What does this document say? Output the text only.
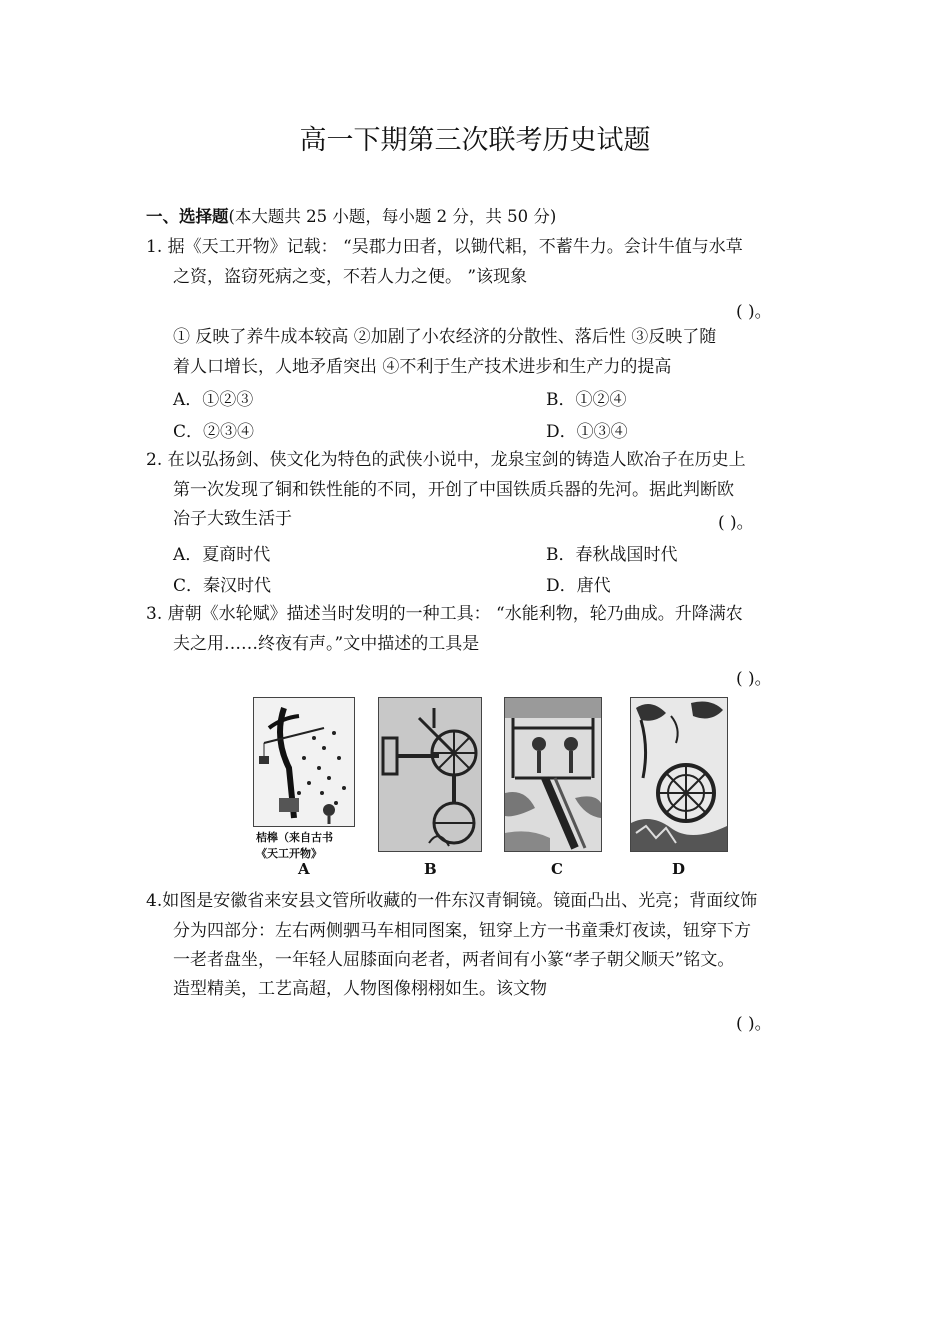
高一下期第三次联考历史试题
一、选择题(本大题共 25 小题，每小题 2 分，共 50 分)
1. 据《天工开物》记载： “吴郡力田者，以锄代耜，不蓄牛力。会计牛值与水草
之资，盗窃死病之变，不若人力之便。 ”该现象
( )。
① 反映了养牛成本较高 ②加剧了小农经济的分散性、落后性 ③反映了随
着人口增长，人地矛盾突出 ④不利于生产技术进步和生产力的提高
A．①②③	B．①②④
C．②③④	D．①③④
2. 在以弘扬剑、侠文化为特色的武侠小说中，龙泉宝剑的铸造人欧冶子在历史上
第一次发现了铜和铁性能的不同，开创了中国铁质兵器的先河。据此判断欧
冶子大致生活于	( )。
A．夏商时代	B．春秋战国时代
C．秦汉时代	D．唐代
3. 唐朝《水轮赋》描述当时发明的一种工具： “水能利物，轮乃曲成。升降满农
夫之用……终夜有声。”文中描述的工具是
( )。
桔槔（来自古书
《天工开物》
A	B	C	D
4.如图是安徽省来安县文管所收藏的一件东汉青铜镜。镜面凸出、光亮；背面纹饰
分为四部分：左右两侧驷马车相同图案，钮穿上方一书童秉灯夜读，钮穿下方
一老者盘坐，一年轻人屈膝面向老者，两者间有小篆“孝子朝父顺天”铭文。
造型精美，工艺高超，人物图像栩栩如生。该文物
( )。
